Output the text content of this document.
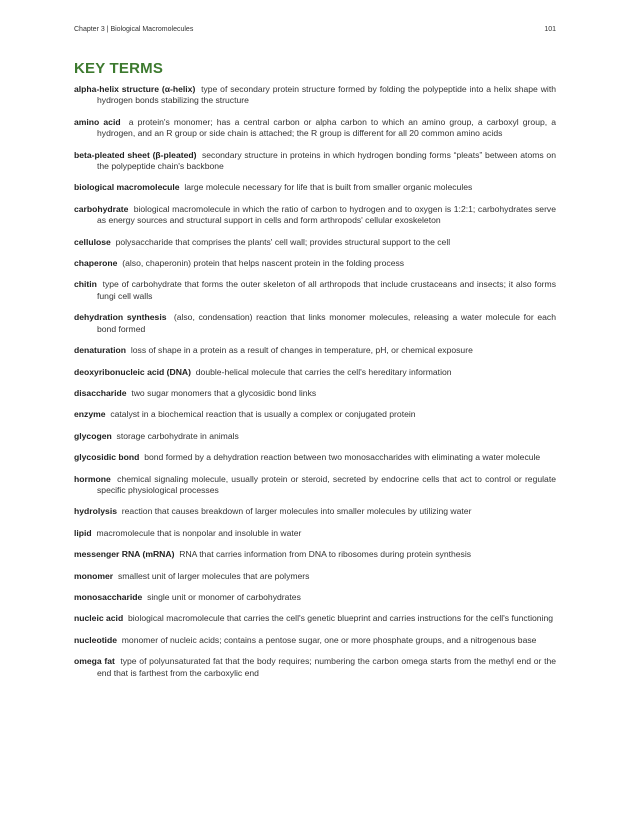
Chapter 3 | Biological Macromolecules	101
KEY TERMS

alpha-helix structure (α-helix) type of secondary protein structure formed by folding the polypeptide into a helix shape with hydrogen bonds stabilizing the structure

amino acid a protein's monomer; has a central carbon or alpha carbon to which an amino group, a carboxyl group, a hydrogen, and an R group or side chain is attached; the R group is different for all 20 common amino acids

beta-pleated sheet (β-pleated) secondary structure in proteins in which hydrogen bonding forms “pleats” between atoms on the polypeptide chain's backbone

biological macromolecule large molecule necessary for life that is built from smaller organic molecules

carbohydrate biological macromolecule in which the ratio of carbon to hydrogen and to oxygen is 1:2:1; carbohydrates serve as energy sources and structural support in cells and form arthropods' cellular exoskeleton

cellulose polysaccharide that comprises the plants' cell wall; provides structural support to the cell

chaperone (also, chaperonin) protein that helps nascent protein in the folding process

chitin type of carbohydrate that forms the outer skeleton of all arthropods that include crustaceans and insects; it also forms fungi cell walls

dehydration synthesis (also, condensation) reaction that links monomer molecules, releasing a water molecule for each bond formed

denaturation loss of shape in a protein as a result of changes in temperature, pH, or chemical exposure

deoxyribonucleic acid (DNA) double-helical molecule that carries the cell's hereditary information

disaccharide two sugar monomers that a glycosidic bond links

enzyme catalyst in a biochemical reaction that is usually a complex or conjugated protein

glycogen storage carbohydrate in animals

glycosidic bond bond formed by a dehydration reaction between two monosaccharides with eliminating a water molecule

hormone chemical signaling molecule, usually protein or steroid, secreted by endocrine cells that act to control or regulate specific physiological processes

hydrolysis reaction that causes breakdown of larger molecules into smaller molecules by utilizing water

lipid macromolecule that is nonpolar and insoluble in water

messenger RNA (mRNA) RNA that carries information from DNA to ribosomes during protein synthesis

monomer smallest unit of larger molecules that are polymers

monosaccharide single unit or monomer of carbohydrates

nucleic acid biological macromolecule that carries the cell's genetic blueprint and carries instructions for the cell's functioning

nucleotide monomer of nucleic acids; contains a pentose sugar, one or more phosphate groups, and a nitrogenous base

omega fat type of polyunsaturated fat that the body requires; numbering the carbon omega starts from the methyl end or the end that is farthest from the carboxylic end
